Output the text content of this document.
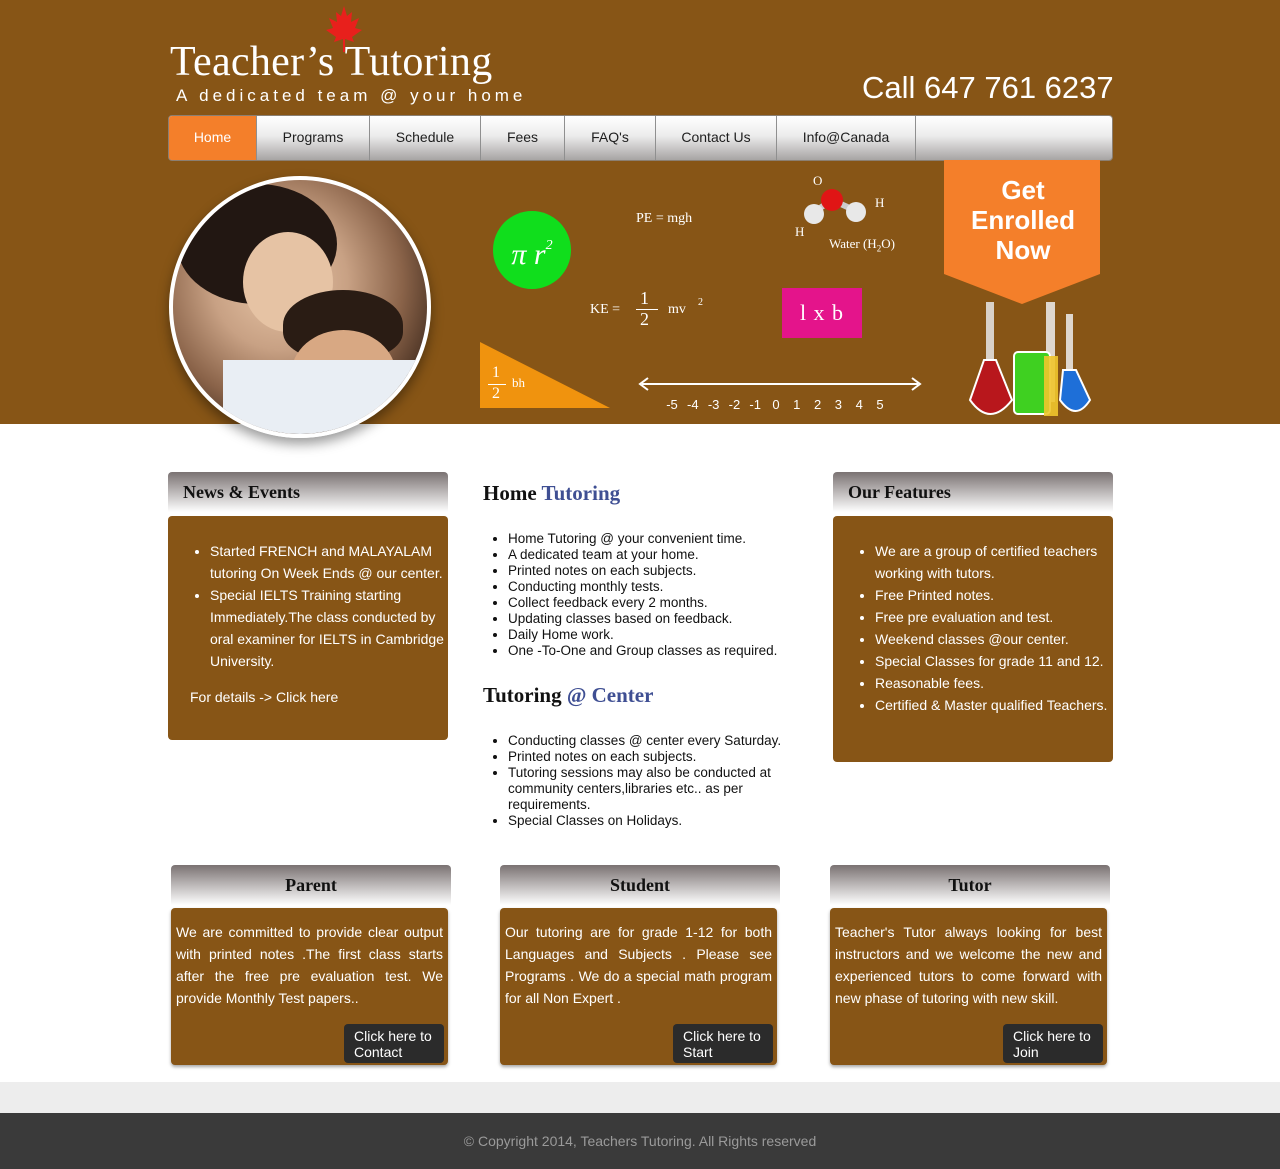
Teacher’s Tutoring
A dedicated team @ your home	Call 647 761 6237
Home	Programs	Schedule	Fees	FAQ's	Contact Us	Info@Canada
π $r^2$
PE = mgh
KE =
1
2 mv 2
O
H
H
Water $(H_2O)$
l x b
1
2
bh
-5 -4 -3 -2 -1 0	1	2	3	4	5
Get
Enrolled
Now
News & Events
• Started FRENCH and MALAYALAM tutoring On Week Ends @ our center.
• Special IELTS Training starting Immediately.The class conducted by oral examiner for IELTS in Cambridge University.
For details -> Click here
Home Tutoring
• Home Tutoring @ your convenient time.
• A dedicated team at your home.
• Printed notes on each subjects.
• Conducting monthly tests.
• Collect feedback every 2 months.
• Updating classes based on feedback.
• Daily Home work.
• One -To-One and Group classes as required.
Tutoring @ Center
• Conducting classes @ center every Saturday.
• Printed notes on each subjects.
• Tutoring sessions may also be conducted at community centers,libraries etc.. as per requirements.
• Special Classes on Holidays.
Our Features
• We are a group of certified teachers working with tutors.
• Free Printed notes.
• Free pre evaluation and test.
• Weekend classes @our center.
• Special Classes for grade 11 and 12.
• Reasonable fees.
• Certified & Master qualified Teachers.
Parent
We are committed to provide clear output with printed notes .The first class starts after the free pre evaluation test. We provide Monthly Test papers..
Click here to Contact
Student
Our tutoring are for grade 1-12 for both Languages and Subjects . Please see Programs . We do a special math program for all Non Expert .
Click here to Start
Tutor
Teacher's Tutor always looking for best instructors and we welcome the new and experienced tutors to come forward with new phase of tutoring with new skill.
Click here to Join
© Copyright 2014, Teachers Tutoring. All Rights reserved
